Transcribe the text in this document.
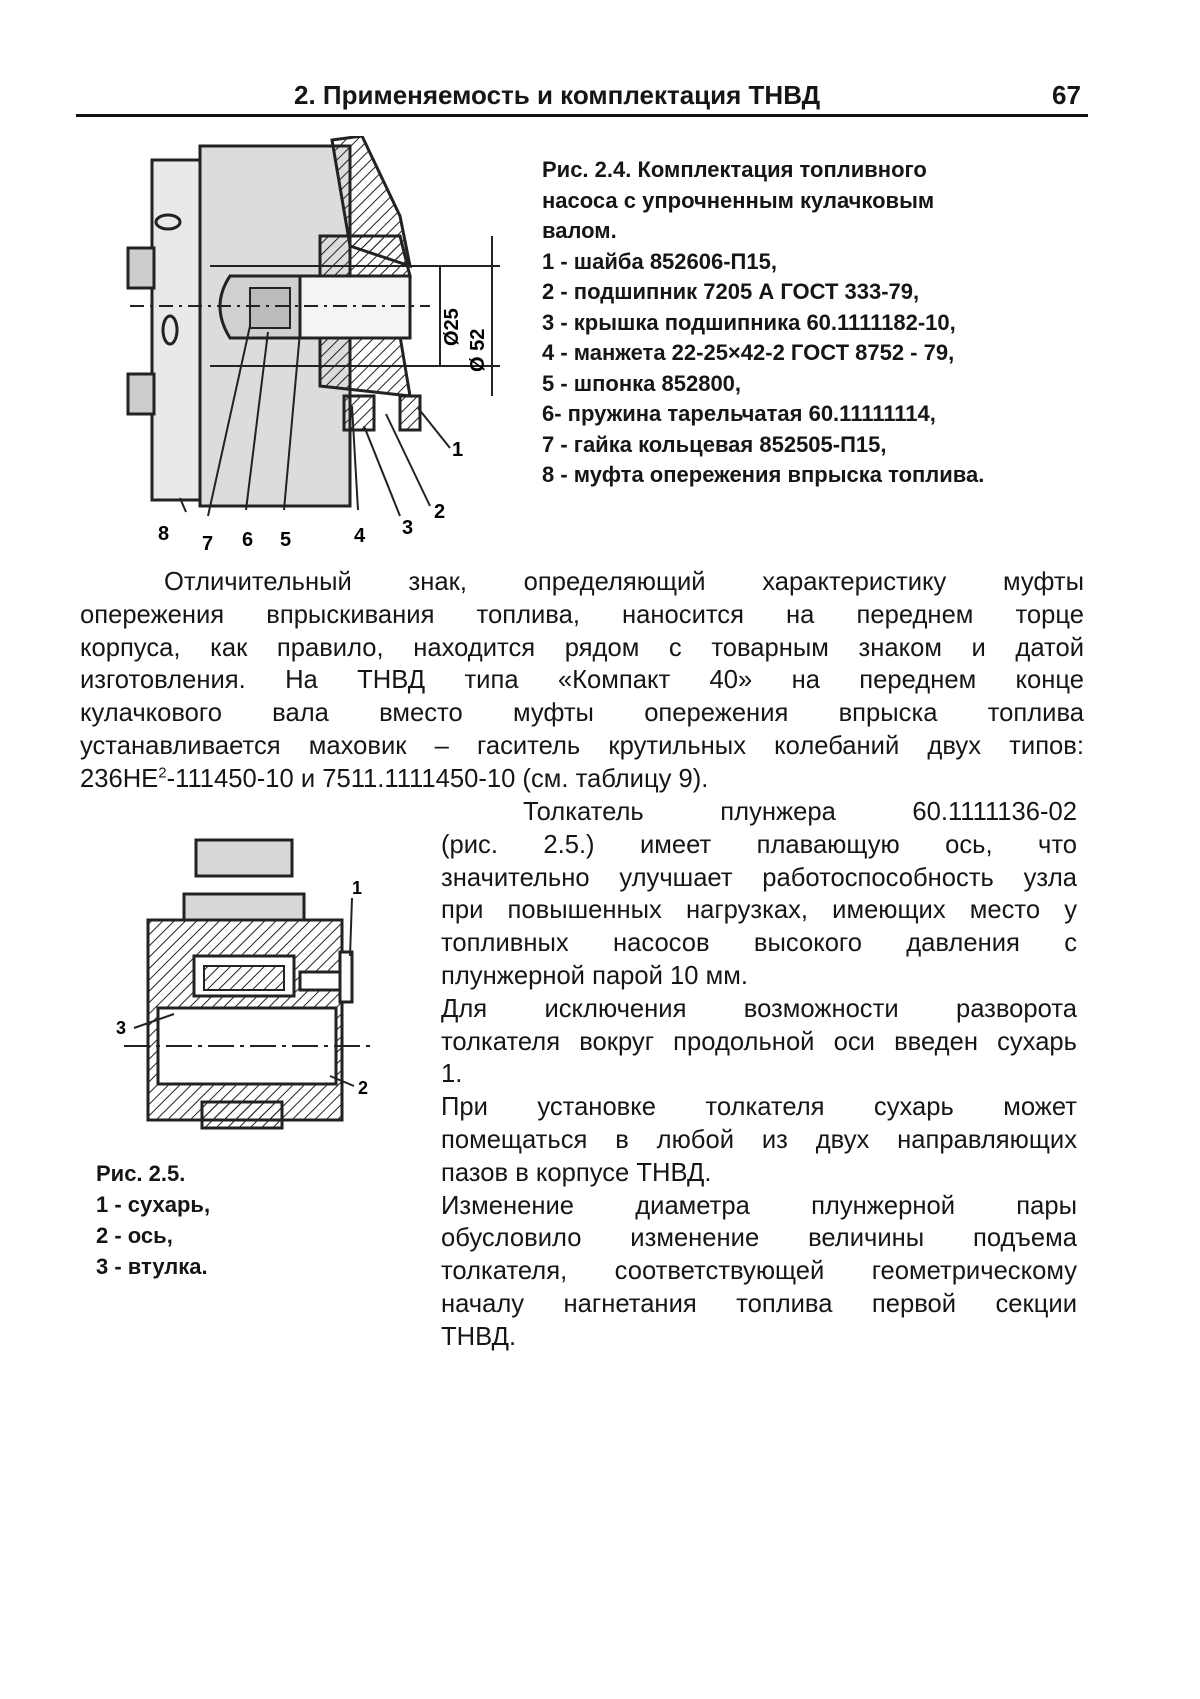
2. Применяемость и комплектация ТНВД	67
Ø25
Ø 52
1
2
3
4
5
6
7
8
Рис. 2.4. Комплектация топливного
насоса с упрочненным кулачковым
валом.
1 - шайба 852606-П15,
2 - подшипник 7205 А ГОСТ 333-79,
3 - крышка подшипника 60.1111182-10,
4 - манжета 22-25×42-2 ГОСТ 8752 - 79,
5 - шпонка 852800,
6- пружина тарельчатая 60.11111114,
7 - гайка кольцевая 852505-П15,
8 - муфта опережения впрыска топлива.
Отличительный знак, определяющий характеристику муфты
опережения впрыскивания топлива, наносится на переднем торце
корпуса, как правило, находится рядом с товарным знаком и датой
изготовления. На ТНВД типа «Компакт 40» на переднем конце
кулачкового вала вместо муфты опережения впрыска топлива
устанавливается маховик – гаситель крутильных колебаний двух типов:
$236НЕ^2-111450-10$ и 7511.1111450-10 (см. таблицу 9).
1
2
3
Рис. 2.5.
1 - сухарь,
2 - ось,
3 - втулка.
Толкатель плунжера 60.1111136-02
(рис. 2.5.) имеет плавающую ось, что
значительно улучшает работоспособность узла
при повышенных нагрузках, имеющих место у
топливных насосов высокого давления с
плунжерной парой 10 мм.
Для исключения возможности разворота
толкателя вокруг продольной оси введен сухарь
1.
При установке толкателя сухарь может
помещаться в любой из двух направляющих
пазов в корпусе ТНВД.
Изменение диаметра плунжерной пары
обусловило изменение величины подъема
толкателя, соответствующей геометрическому
началу нагнетания топлива первой секции
ТНВД.
